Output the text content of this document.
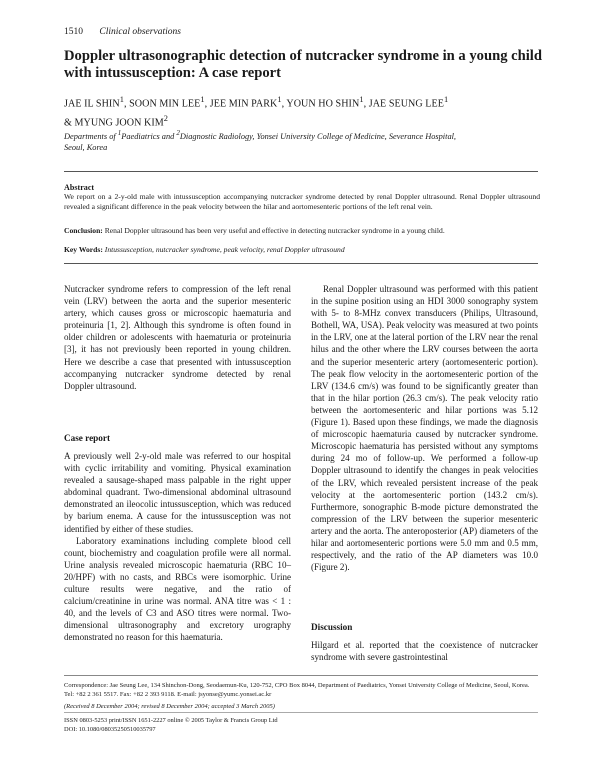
1510 Clinical observations
Doppler ultrasonographic detection of nutcracker syndrome in a young child with intussusception: A case report
JAE IL SHIN$^1$, SOON MIN LEE$^1$, JEE MIN PARK$^1$, YOUN HO SHIN$^1$, JAE SEUNG LEE$^1$
& MYUNG JOON KIM$^2$
Departments of $^1$Paediatrics and $^2$Diagnostic Radiology, Yonsei University College of Medicine, Severance Hospital,
Seoul, Korea
Abstract
We report on a 2-y-old male with intussusception accompanying nutcracker syndrome detected by renal Doppler ultrasound. Renal Doppler ultrasound revealed a significant difference in the peak velocity between the hilar and aortomesenteric portions of the left renal vein.
Conclusion: Renal Doppler ultrasound has been very useful and effective in detecting nutcracker syndrome in a young child.
Key Words: Intussusception, nutcracker syndrome, peak velocity, renal Doppler ultrasound

Nutcracker syndrome refers to compression of the left renal vein (LRV) between the aorta and the superior mesenteric artery, which causes gross or microscopic haematuria and proteinuria [1, 2]. Although this syndrome is often found in older children or adolescents with haematuria or proteinuria [3], it has not previously been reported in young children. Here we describe a case that presented with intussusception accompanying nutcracker syndrome detected by renal Doppler ultrasound.

Case report

A previously well 2-y-old male was referred to our hospital with cyclic irritability and vomiting. Physical examination revealed a sausage-shaped mass palpable in the right upper abdominal quadrant. Two-dimensional abdominal ultrasound demonstrated an ileocolic intussusception, which was reduced by barium enema. A cause for the intussusception was not identified by either of these studies.

Laboratory examinations including complete blood cell count, biochemistry and coagulation profile were all normal. Urine analysis revealed microscopic haematuria (RBC 10–20/HPF) with no casts, and RBCs were isomorphic. Urine culture results were negative, and the ratio of calcium/creatinine in urine was normal. ANA titre was < 1 : 40, and the levels of C3 and ASO titres were normal. Two-dimensional ultrasonography and excretory urography demonstrated no reason for this haematuria.

Renal Doppler ultrasound was performed with this patient in the supine position using an HDI 3000 sonography system with 5- to 8-MHz convex transducers (Philips, Ultrasound, Bothell, WA, USA). Peak velocity was measured at two points in the LRV, one at the lateral portion of the LRV near the renal hilus and the other where the LRV courses between the aorta and the superior mesenteric artery (aortomesenteric portion). The peak flow velocity in the aortomesenteric portion of the LRV (134.6 cm/s) was found to be significantly greater than that in the hilar portion (26.3 cm/s). The peak velocity ratio between the aortomesenteric and hilar portions was 5.12 (Figure 1). Based upon these findings, we made the diagnosis of microscopic haematuria caused by nutcracker syndrome. Microscopic haematuria has persisted without any symptoms during 24 mo of follow-up. We performed a follow-up Doppler ultrasound to identify the changes in peak velocities of the LRV, which revealed persistent increase of the peak velocity at the aortomesenteric portion (143.2 cm/s). Furthermore, sonographic B-mode picture demonstrated the compression of the LRV between the superior mesenteric artery and the aorta. The anteroposterior (AP) diameters of the hilar and aortomesenteric portions were 5.0 mm and 0.5 mm, respectively, and the ratio of the AP diameters was 10.0 (Figure 2).

Discussion

Hilgard et al. reported that the coexistence of nutcracker syndrome with severe gastrointestinal

Correspondence: Jae Seung Lee, 134 Shinchon-Dong, Seodaemun-Ku, 120-752, CPO Box 8044, Department of Paediatrics, Yonsei University College of Medicine, Seoul, Korea. Tel: +82 2 361 5517. Fax: +82 2 393 9118. E-mail: jsyonse@yumc.yonsei.ac.kr
(Received 8 December 2004; revised 8 December 2004; accepted 3 March 2005)
ISSN 0803-5253 print/ISSN 1651-2227 online © 2005 Taylor & Francis Group Ltd
DOI: 10.1080/08035250510035797
